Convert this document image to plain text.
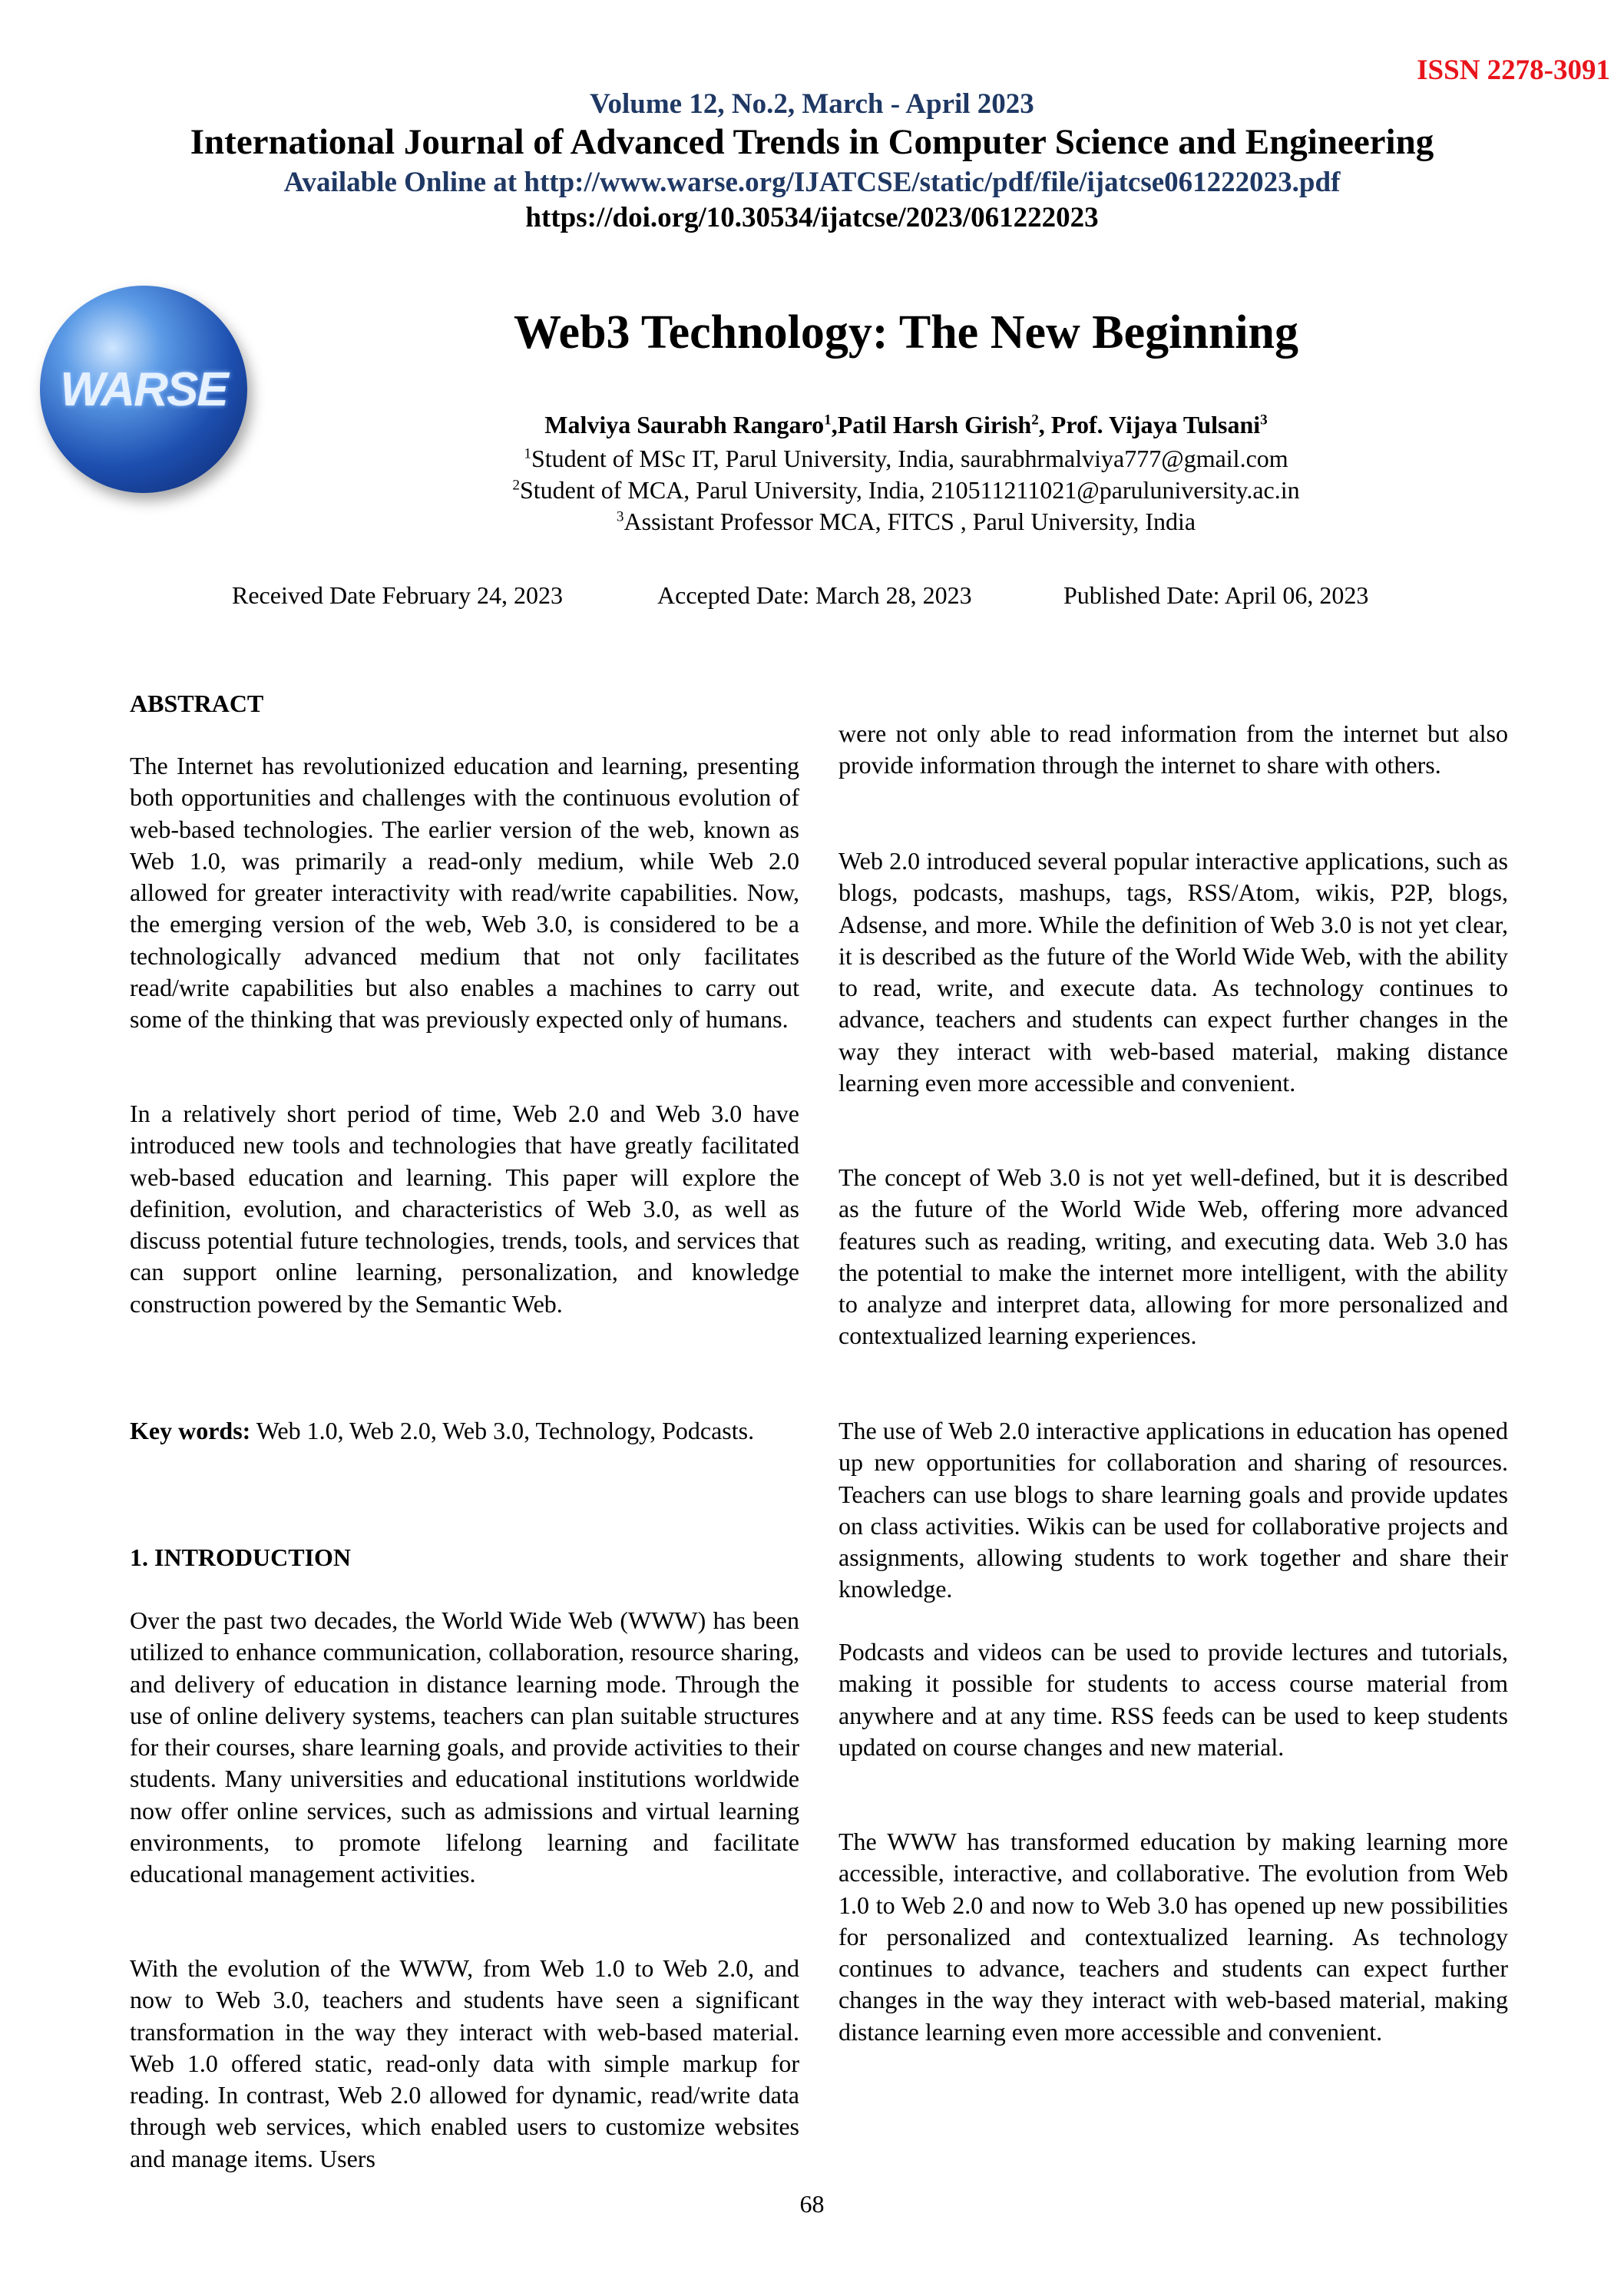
ISSN 2278-3091
Volume 12, No.2, March - April 2023
International Journal of Advanced Trends in Computer Science and Engineering
Available Online at http://www.warse.org/IJATCSE/static/pdf/file/ijatcse061222023.pdf
https://doi.org/10.30534/ijatcse/2023/061222023
WARSE
Web3 Technology: The New Beginning
Malviya Saurabh Rangaro$^1$,Patil Harsh Girish$^2$, Prof. Vijaya Tulsani$^3$
$^1$Student of MSc IT, Parul University, India, saurabhrmalviya777@gmail.com
$^2$Student of MCA, Parul University, India, 210511211021@paruluniversity.ac.in
$^3$Assistant Professor MCA, FITCS , Parul University, India
Received Date February 24, 2023	Accepted Date: March 28, 2023	Published Date: April 06, 2023
ABSTRACT
The Internet has revolutionized education and learning, presenting both opportunities and challenges with the continuous evolution of web-based technologies. The earlier version of the web, known as Web 1.0, was primarily a read-only medium, while Web 2.0 allowed for greater interactivity with read/write capabilities. Now, the emerging version of the web, Web 3.0, is considered to be a technologically advanced medium that not only facilitates read/write capabilities but also enables a machines to carry out some of the thinking that was previously expected only of humans.
In a relatively short period of time, Web 2.0 and Web 3.0 have introduced new tools and technologies that have greatly facilitated web-based education and learning. This paper will explore the definition, evolution, and characteristics of Web 3.0, as well as discuss potential future technologies, trends, tools, and services that can support online learning, personalization, and knowledge construction powered by the Semantic Web.
Key words: Web 1.0, Web 2.0, Web 3.0, Technology, Podcasts.
1. INTRODUCTION
Over the past two decades, the World Wide Web (WWW) has been utilized to enhance communication, collaboration, resource sharing, and delivery of education in distance learning mode. Through the use of online delivery systems, teachers can plan suitable structures for their courses, share learning goals, and provide activities to their students. Many universities and educational institutions worldwide now offer online services, such as admissions and virtual learning environments, to promote lifelong learning and facilitate educational management activities.
With the evolution of the WWW, from Web 1.0 to Web 2.0, and now to Web 3.0, teachers and students have seen a significant transformation in the way they interact with web-based material. Web 1.0 offered static, read-only data with simple markup for reading. In contrast, Web 2.0 allowed for dynamic, read/write data through web services, which enabled users to customize websites and manage items. Users
were not only able to read information from the internet but also provide information through the internet to share with others.
Web 2.0 introduced several popular interactive applications, such as blogs, podcasts, mashups, tags, RSS/Atom, wikis, P2P, blogs, Adsense, and more. While the definition of Web 3.0 is not yet clear, it is described as the future of the World Wide Web, with the ability to read, write, and execute data. As technology continues to advance, teachers and students can expect further changes in the way they interact with web-based material, making distance learning even more accessible and convenient.
The concept of Web 3.0 is not yet well-defined, but it is described as the future of the World Wide Web, offering more advanced features such as reading, writing, and executing data. Web 3.0 has the potential to make the internet more intelligent, with the ability to analyze and interpret data, allowing for more personalized and contextualized learning experiences.
The use of Web 2.0 interactive applications in education has opened up new opportunities for collaboration and sharing of resources. Teachers can use blogs to share learning goals and provide updates on class activities. Wikis can be used for collaborative projects and assignments, allowing students to work together and share their knowledge.
Podcasts and videos can be used to provide lectures and tutorials, making it possible for students to access course material from anywhere and at any time. RSS feeds can be used to keep students updated on course changes and new material.
The WWW has transformed education by making learning more accessible, interactive, and collaborative. The evolution from Web 1.0 to Web 2.0 and now to Web 3.0 has opened up new possibilities for personalized and contextualized learning. As technology continues to advance, teachers and students can expect further changes in the way they interact with web-based material, making distance learning even more accessible and convenient.
68
